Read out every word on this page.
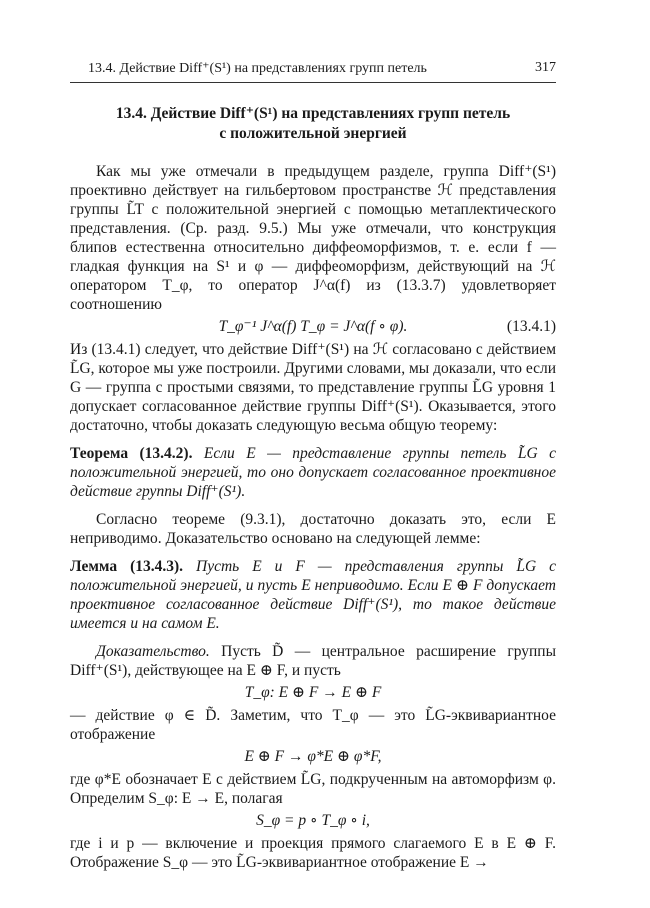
13.4. Действие Diff⁺(S¹) на представлениях групп петель	317
13.4. Действие Diff⁺(S¹) на представлениях групп петель
с положительной энергией

Как мы уже отмечали в предыдущем разделе, группа Diff⁺(S¹) проективно действует на гильбертовом пространстве ℋ представления группы L̃T с положительной энергией с помощью метаплектического представления. (Ср. разд. 9.5.) Мы уже отмечали, что конструкция блипов естественна относительно диффеоморфизмов, т. е. если f — гладкая функция на S¹ и φ — диффеоморфизм, действующий на ℋ оператором T_φ, то оператор J^α(f) из (13.3.7) удовлетворяет соотношению

T_φ⁻¹ J^α(f) T_φ = J^α(f ∘ φ).	(13.4.1)

Из (13.4.1) следует, что действие Diff⁺(S¹) на ℋ согласовано с действием L̃G, которое мы уже построили. Другими словами, мы доказали, что если G — группа с простыми связями, то представление группы L̃G уровня 1 допускает согласованное действие группы Diff⁺(S¹). Оказывается, этого достаточно, чтобы доказать следующую весьма общую теорему:

Теорема (13.4.2). Если E — представление группы петель L̃G с положительной энергией, то оно допускает согласованное проективное действие группы Diff⁺(S¹).

Согласно теореме (9.3.1), достаточно доказать это, если E неприводимо. Доказательство основано на следующей лемме:

Лемма (13.4.3). Пусть E и F — представления группы L̃G с положительной энергией, и пусть E неприводимо. Если E ⊕ F допускает проективное согласованное действие Diff⁺(S¹), то такое действие имеется и на самом E.

Доказательство. Пусть D̃ — центральное расширение группы Diff⁺(S¹), действующее на E ⊕ F, и пусть

T_φ: E ⊕ F → E ⊕ F

— действие φ ∈ D̃. Заметим, что T_φ — это L̃G-эквивариантное отображение

E ⊕ F → φ*E ⊕ φ*F,

где φ*E обозначает E с действием L̃G, подкрученным на автоморфизм φ. Определим S_φ: E → E, полагая

S_φ = p ∘ T_φ ∘ i,

где i и p — включение и проекция прямого слагаемого E в E ⊕ F. Отображение S_φ — это L̃G-эквивариантное отображение E →
